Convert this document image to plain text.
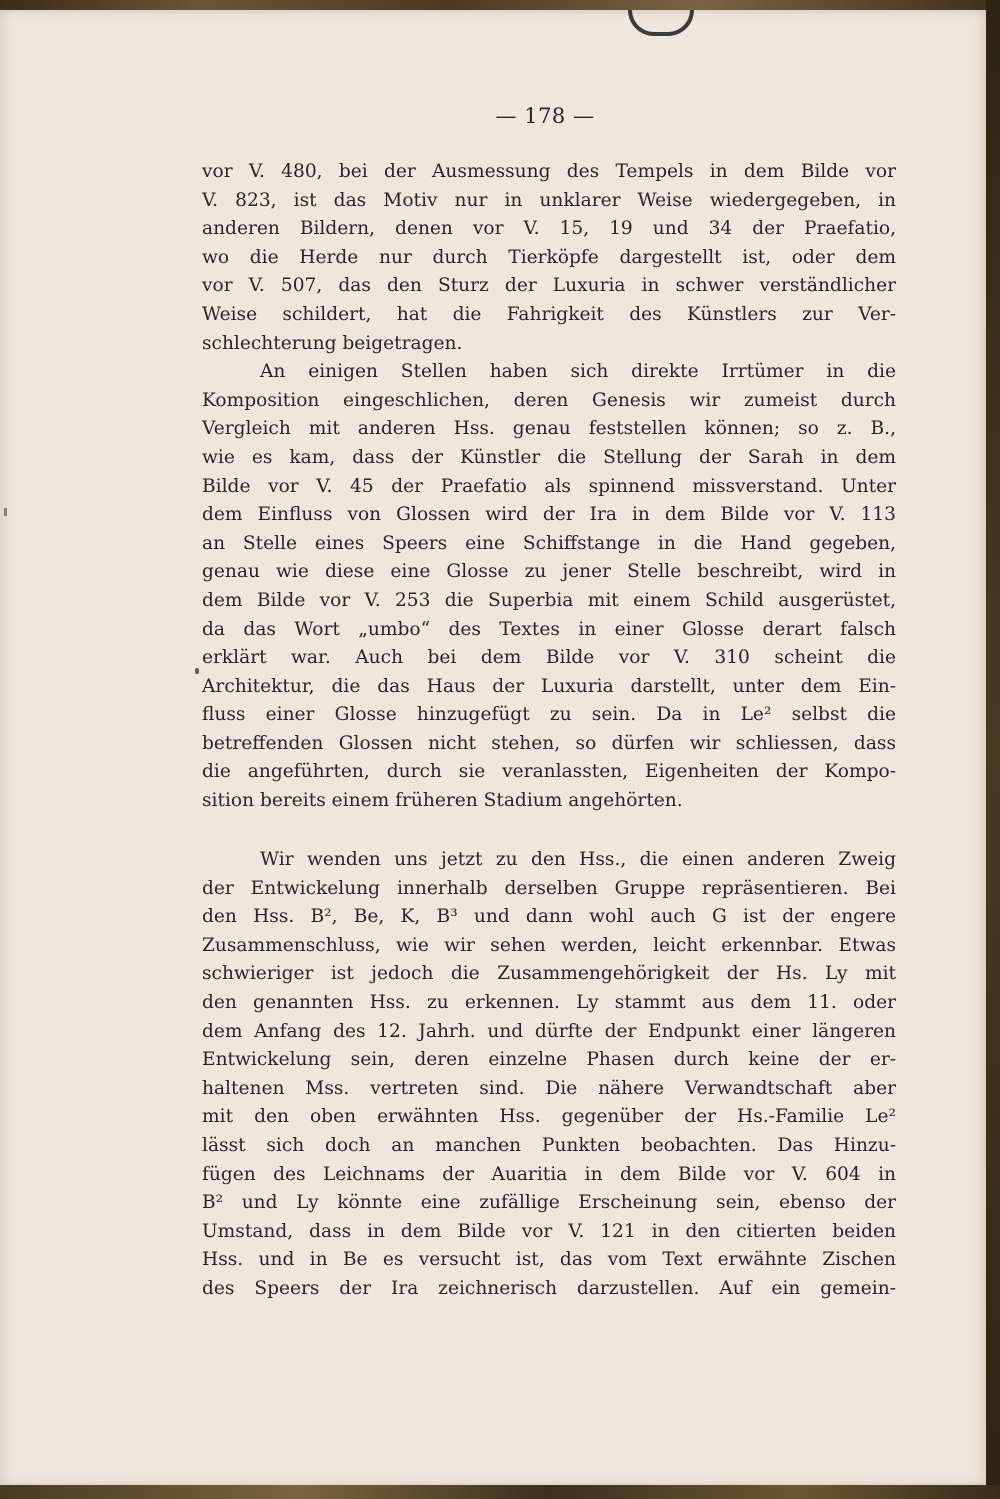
— 178 —
vor V. 480, bei der Ausmessung des Tempels in dem Bilde vor
V. 823, ist das Motiv nur in unklarer Weise wiedergegeben, in
anderen Bildern, denen vor V. 15, 19 und 34 der Praefatio,
wo die Herde nur durch Tierköpfe dargestellt ist, oder dem
vor V. 507, das den Sturz der Luxuria in schwer verständlicher
Weise schildert, hat die Fahrigkeit des Künstlers zur Ver-
schlechterung beigetragen.
An einigen Stellen haben sich direkte Irrtümer in die
Komposition eingeschlichen, deren Genesis wir zumeist durch
Vergleich mit anderen Hss. genau feststellen können; so z. B.,
wie es kam, dass der Künstler die Stellung der Sarah in dem
Bilde vor V. 45 der Praefatio als spinnend missverstand. Unter
dem Einfluss von Glossen wird der Ira in dem Bilde vor V. 113
an Stelle eines Speers eine Schiffstange in die Hand gegeben,
genau wie diese eine Glosse zu jener Stelle beschreibt, wird in
dem Bilde vor V. 253 die Superbia mit einem Schild ausgerüstet,
da das Wort „umbo“ des Textes in einer Glosse derart falsch
erklärt war. Auch bei dem Bilde vor V. 310 scheint die
Architektur, die das Haus der Luxuria darstellt, unter dem Ein-
fluss einer Glosse hinzugefügt zu sein. Da in Le² selbst die
betreffenden Glossen nicht stehen, so dürfen wir schliessen, dass
die angeführten, durch sie veranlassten, Eigenheiten der Kompo-
sition bereits einem früheren Stadium angehörten.
Wir wenden uns jetzt zu den Hss., die einen anderen Zweig
der Entwickelung innerhalb derselben Gruppe repräsentieren. Bei
den Hss. B², Be, K, B³ und dann wohl auch G ist der engere
Zusammenschluss, wie wir sehen werden, leicht erkennbar. Etwas
schwieriger ist jedoch die Zusammengehörigkeit der Hs. Ly mit
den genannten Hss. zu erkennen. Ly stammt aus dem 11. oder
dem Anfang des 12. Jahrh. und dürfte der Endpunkt einer längeren
Entwickelung sein, deren einzelne Phasen durch keine der er-
haltenen Mss. vertreten sind. Die nähere Verwandtschaft aber
mit den oben erwähnten Hss. gegenüber der Hs.-Familie Le²
lässt sich doch an manchen Punkten beobachten. Das Hinzu-
fügen des Leichnams der Auaritia in dem Bilde vor V. 604 in
B² und Ly könnte eine zufällige Erscheinung sein, ebenso der
Umstand, dass in dem Bilde vor V. 121 in den citierten beiden
Hss. und in Be es versucht ist, das vom Text erwähnte Zischen
des Speers der Ira zeichnerisch darzustellen. Auf ein gemein-
